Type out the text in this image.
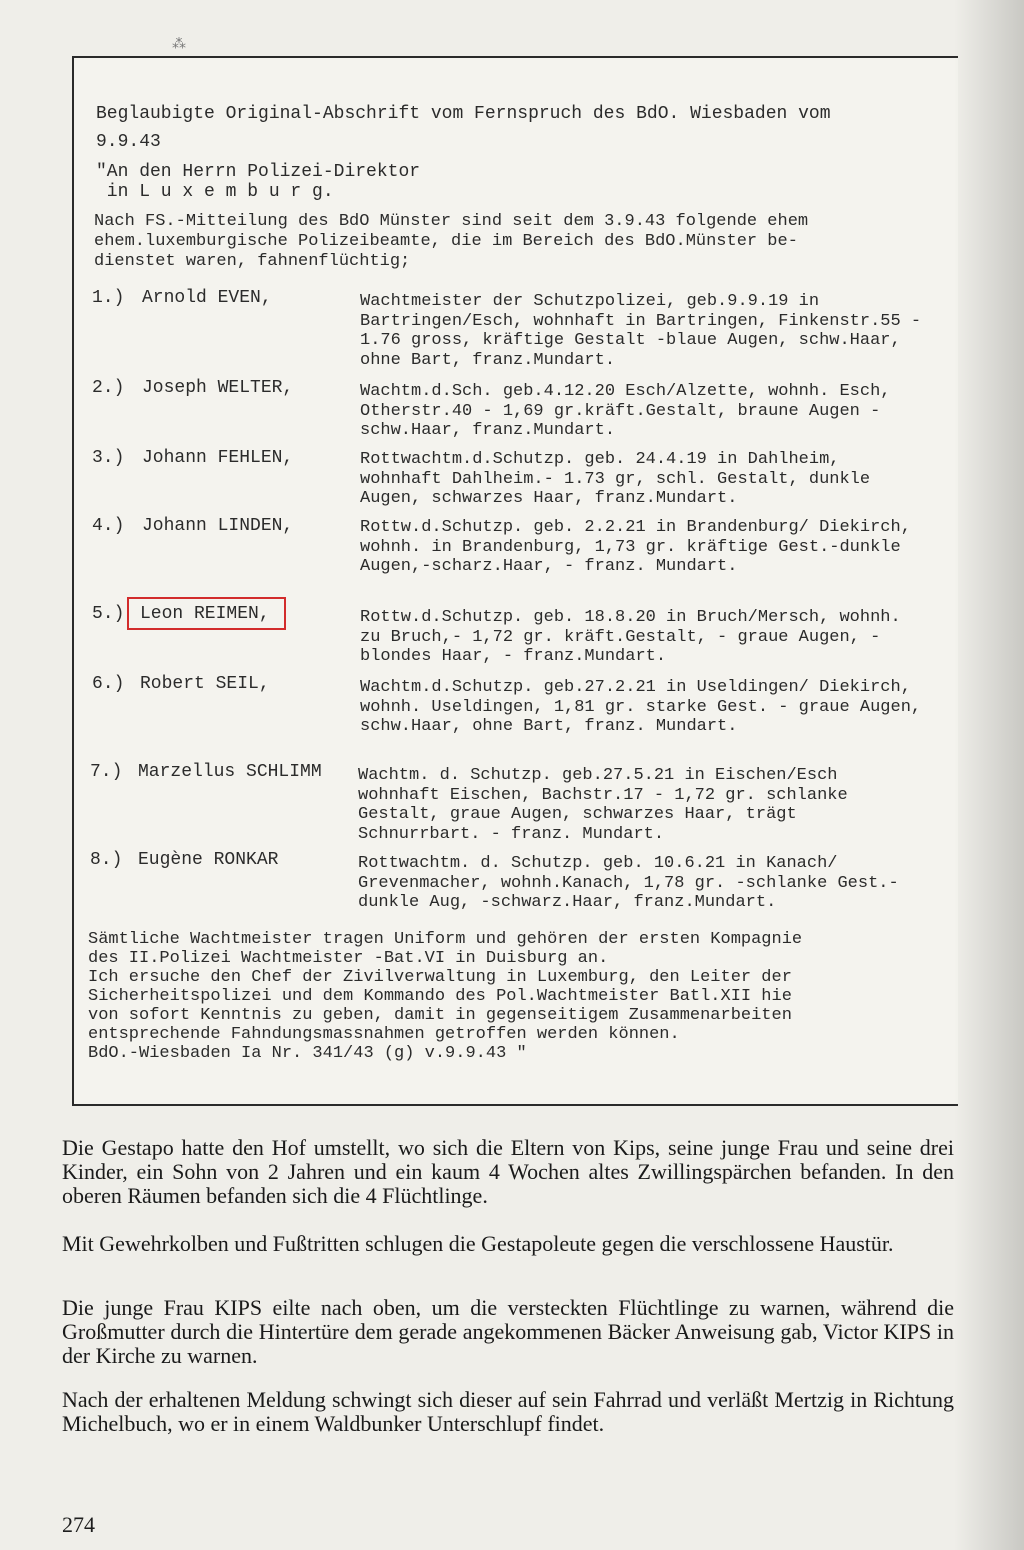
⁂
Beglaubigte Original-Abschrift vom Fernspruch des BdO. Wiesbaden vom
9.9.43
"An den Herrn Polizei-Direktor
in L u x e m b u r g.
Nach FS.-Mitteilung des BdO Münster sind seit dem 3.9.43 folgende ehem
ehem.luxemburgische Polizeibeamte, die im Bereich des BdO.Münster be-
dienstet waren, fahnenflüchtig;
1.) Arnold EVEN,	Wachtmeister der Schutzpolizei, geb.9.9.19 in Bartringen/Esch, wohnhaft in Bartringen, Finkenstr.55 - 1.76 gross, kräftige Gestalt -blaue Augen, schw.Haar, ohne Bart, franz.Mundart.
2.) Joseph WELTER,	Wachtm.d.Sch. geb.4.12.20 Esch/Alzette, wohnh. Esch, Otherstr.40 - 1,69 gr.kräft.Gestalt, braune Augen - schw.Haar, franz.Mundart.
3.) Johann FEHLEN,	Rottwachtm.d.Schutzp. geb. 24.4.19 in Dahlheim, wohnhaft Dahlheim.- 1.73 gr, schl. Gestalt, dunkle Augen, schwarzes Haar, franz.Mundart.
4.) Johann LINDEN,	Rottw.d.Schutzp. geb. 2.2.21 in Brandenburg/ Diekirch, wohnh. in Brandenburg, 1,73 gr. kräftige Gest.-dunkle Augen,-scharz.Haar, - franz. Mundart.
5.) Leon REIMEN,	Rottw.d.Schutzp. geb. 18.8.20 in Bruch/Mersch, wohnh. zu Bruch,- 1,72 gr. kräft.Gestalt, - graue Augen, -blondes Haar, - franz.Mundart.
6.) Robert SEIL,	Wachtm.d.Schutzp. geb.27.2.21 in Useldingen/ Diekirch, wohnh. Useldingen, 1,81 gr. starke Gest. - graue Augen, schw.Haar, ohne Bart, franz. Mundart.
7.) Marzellus SCHLIMM Wachtm. d. Schutzp. geb.27.5.21 in Eischen/Esch wohnhaft Eischen, Bachstr.17 - 1,72 gr. schlanke Gestalt, graue Augen, schwarzes Haar, trägt Schnurrbart. - franz. Mundart.
8.) Eugène RONKAR	Rottwachtm. d. Schutzp. geb. 10.6.21 in Kanach/ Grevenmacher, wohnh.Kanach, 1,78 gr. -schlanke Gest.-dunkle Aug, -schwarz.Haar, franz.Mundart.
Sämtliche Wachtmeister tragen Uniform und gehören der ersten Kompagnie
des II.Polizei Wachtmeister -Bat.VI in Duisburg an.
Ich ersuche den Chef der Zivilverwaltung in Luxemburg, den Leiter der
Sicherheitspolizei und dem Kommando des Pol.Wachtmeister Batl.XII hie
von sofort Kenntnis zu geben, damit in gegenseitigem Zusammenarbeiten
entsprechende Fahndungsmassnahmen getroffen werden können.
BdO.-Wiesbaden Ia Nr. 341/43 (g) v.9.9.43 "
Die Gestapo hatte den Hof umstellt, wo sich die Eltern von Kips, seine junge Frau und seine drei Kinder, ein Sohn von 2 Jahren und ein kaum 4 Wochen altes Zwillingspärchen befanden. In den oberen Räumen befanden sich die 4 Flüchtlinge.
Mit Gewehrkolben und Fußtritten schlugen die Gestapoleute gegen die verschlossene Haustür.
Die junge Frau KIPS eilte nach oben, um die versteckten Flüchtlinge zu warnen, während die Großmutter durch die Hintertüre dem gerade angekommenen Bäcker Anweisung gab, Victor KIPS in der Kirche zu warnen.
Nach der erhaltenen Meldung schwingt sich dieser auf sein Fahrrad und verläßt Mertzig in Richtung Michelbuch, wo er in einem Waldbunker Unterschlupf findet.
274
